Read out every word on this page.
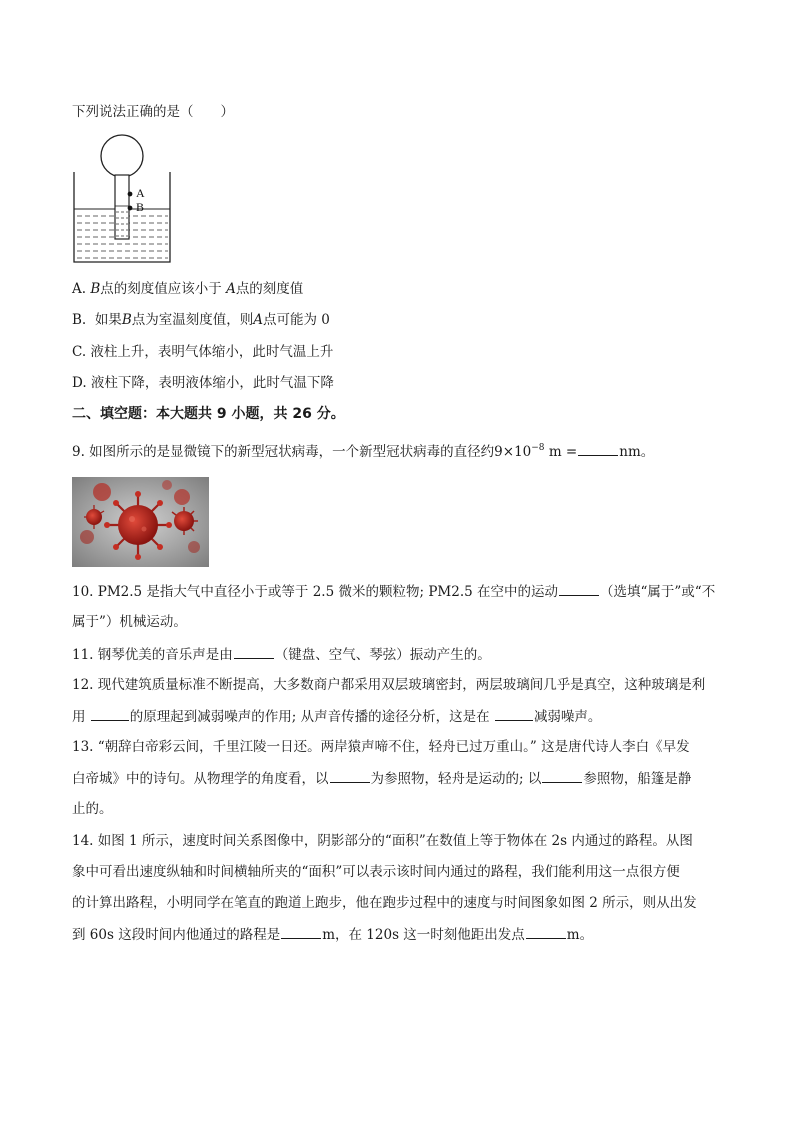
下列说法正确的是（　　）
A
B
A. B点的刻度值应该小于 A点的刻度值
B. 如果B点为室温刻度值，则A点可能为 0
C. 液柱上升，表明气体缩小，此时气温上升
D. 液柱下降，表明液体缩小，此时气温下降
二、填空题：本大题共 9 小题，共 26 分。
9. 如图所示的是显微镜下的新型冠状病毒，一个新型冠状病毒的直径约$9\times 10^{-8}$ m =	nm。
10. PM2.5 是指大气中直径小于或等于 2.5 微米的颗粒物; PM2.5 在空中的运动	（选填“属于”或“不
属于”）机械运动。
11. 钢琴优美的音乐声是由	（键盘、空气、琴弦）振动产生的。
12. 现代建筑质量标准不断提高，大多数商户都采用双层玻璃密封，两层玻璃间几乎是真空，这种玻璃是利
用	的原理起到减弱噪声的作用; 从声音传播的途径分析，这是在	减弱噪声。
13. “朝辞白帝彩云间，千里江陵一日还。两岸猿声啼不住，轻舟已过万重山。” 这是唐代诗人李白《早发
白帝城》中的诗句。从物理学的角度看，以	为参照物，轻舟是运动的; 以	参照物，船篷是静
止的。
14. 如图 1 所示，速度时间关系图像中，阴影部分的“面积”在数值上等于物体在 2s 内通过的路程。从图
象中可看出速度纵轴和时间横轴所夹的“面积”可以表示该时间内通过的路程，我们能利用这一点很方便
的计算出路程，小明同学在笔直的跑道上跑步，他在跑步过程中的速度与时间图象如图 2 所示，则从出发
到 60s 这段时间内他通过的路程是	m，在 120s 这一时刻他距出发点	m。
